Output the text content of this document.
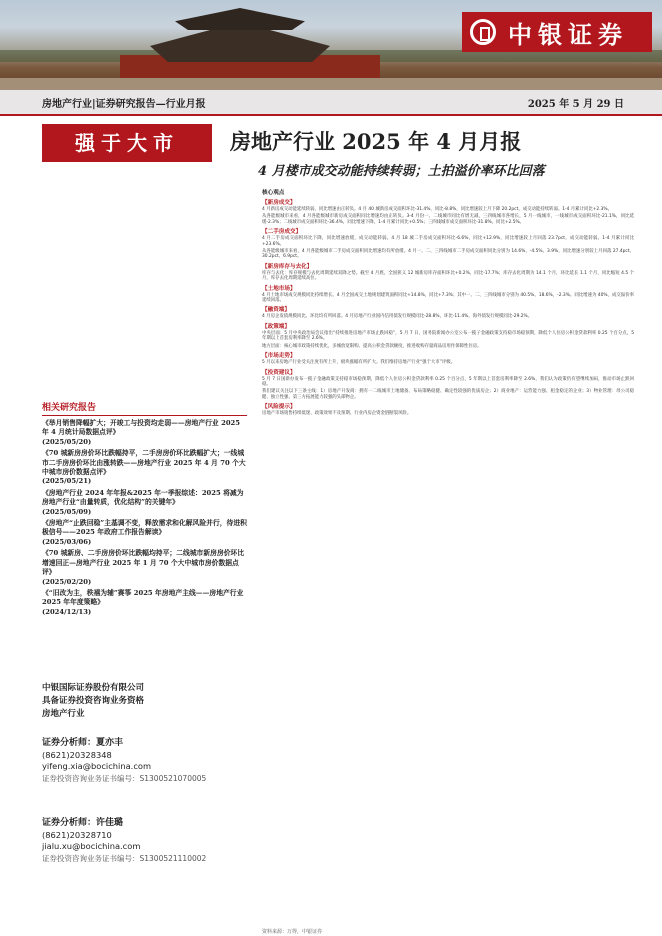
中银证券
房地产行业|证券研究报告—行业月报	2025 年 5 月 29 日
强于大市	房地产行业 2025 年 4 月月报
4 月楼市成交动能持续转弱；土拍溢价率环比回落
相关研究报告
《举月销售降幅扩大；开竣工与投资均走弱——房地产行业 2025 年 4 月统计局数据点评》
(2025/05/20)
《70 城新房房价环比跌幅持平，二手房房价环比跌幅扩大；一线城市二手房房价环比由涨转跌——房地产行业 2025 年 4 月 70 个大中城市房价数据点评》
(2025/05/21)
《房地产行业 2024 年年报&2025 年一季报综述：2025 将减为房地产行业“由量转质，优化结构”的关键年》
(2025/05/09)
《房地产“止跌回稳”主基调不变，释放需求和化解风险并行，待进积极信号——2025 年政府工作报告解读》
(2025/03/06)
《70 城新房、二手房房价环比跌幅均持平；二线城市新房房价环比增速回正—房地产行业 2025 年 1 月 70 个大中城市房价数据点评》
(2025/02/20)
《“旧改为主，秩禧为辅”赛筝 2025 年房地产主线——房地产行业 2025 年年度策略》
(2024/12/13)
中银国际证券股份有限公司
具备证券投资咨询业务资格
房地产行业
证券分析师：夏亦丰
(8621)20328348
yifeng.xia@bocichina.com
证券投资咨询业务证书编号：S1300521070005
证券分析师：许佳璐
(8621)20328710
jialu.xu@bocichina.com
证券投资咨询业务证书编号：S1300521110002
核心观点
【新房成交】
4 月新房成交动能延续转弱，同比增速由正转负。4 月 40 城新房成交面积环比-31.4%，同比-8.8%，同比增速较上月下降 20.2pct，成交动能持续转弱。1-4 月累计同比+2.3%。
从各能级城市来看，4 月各能级城市新房成交面积同比增速均由正转负。3-4 月份一、二线城市同比有增无减，三四线城市各增长，5 月一线城市，一线城市成交面积环比-21.1%，同比延缓-2.3%；二线城市成交面积环比-36.4%，同比增速下降，1-4 月累计同比+0.5%；三四线城市成交面积环比-31.8%，同比+2.5%。
【二手房成交】
4 月二手房成交面积环比下降，同比增速放缓，成交动能转弱。4 月 18 城二手房成交面积环比-6.6%，同比+12.9%，同比增速较上月回落 23.7pct，成交动能转弱。1-4 月累计同比+23.6%。
从各能级城市来看，4 月各能级城市二手房成交面积同比增速均有所放缓。4 月一、二、三四线城市二手房成交面积同比分别为 14.6%、-4.5%、3.9%，同比增速分别较上月回落 27.4pct、30.2pct、6.9pct。
【新房库存与去化】
库存与去化：库存规模与去化周期延续双降之势。截至 4 月底，全国狭义 12 城新房库存面积环比+0.2%，同比-17.7%；库存去化周期为 14.1 个月，环比延长 1.1 个月，同比缩短 4.5 个月，库存去化周期延续高位。
【土地市场】
4 月土地市场成交规模同比持续增长。4 月全国成交土地规划建筑面积同比+14.8%，同比+7.3%；其中一、二、三四线城市分别为 40.5%、18.6%，-2.3%。同比增速为 40%，成交溢价率延续回落。
【融资端】
4 月房企发债规模同比、环比均有所回落。4 月房地产行业国内信用债发行规模同比-28.8%，环比-11.4%，海外债发行规模同比-29.2%。
【政策端】
中央层面：5 月中央政治局会议指出“持续推进房地产市场止跌回稳”，5 月 7 日，国务院新闻办公室公布一揽子金融政策支持稳市场稳预期，降低个人住房公积金贷款利率 0.25 个百分点，5 年期以上首套房利率降至 2.6%。
地方层面：核心城市政策持续优化，多城放宽限购、提高公积金贷款额度，推进收购存量商品房用作保障性住房。
【市场走势】
5 月以来房地产行业受关注度有所上升，板块涨幅有所扩大。我们维持房地产行业“强于大市”评级。
【投资建议】
5 月 7 日国新办发布一揽子金融政策支持稳市场稳预期，降低个人住房公积金贷款利率 0.25 个百分点，5 年期以上首套房利率降至 2.6%，我们认为政策仍有望继续加码，推动市场止跌回稳。
我们建议关注以下三条主线：1）房地产开发商：拥有一二线城市土地储备、布局策略稳健、确定性较强的优质房企；2）商业地产：运营能力强、租金稳定的企业；3）物业管理：母公司稳健、独立性强、第三方拓展能力较强的头部物企。
【风险提示】
房地产市场销售持续低迷、政策效果不及预期、行业内房企资金链断裂风险。
资料来源：万得，中银证券
